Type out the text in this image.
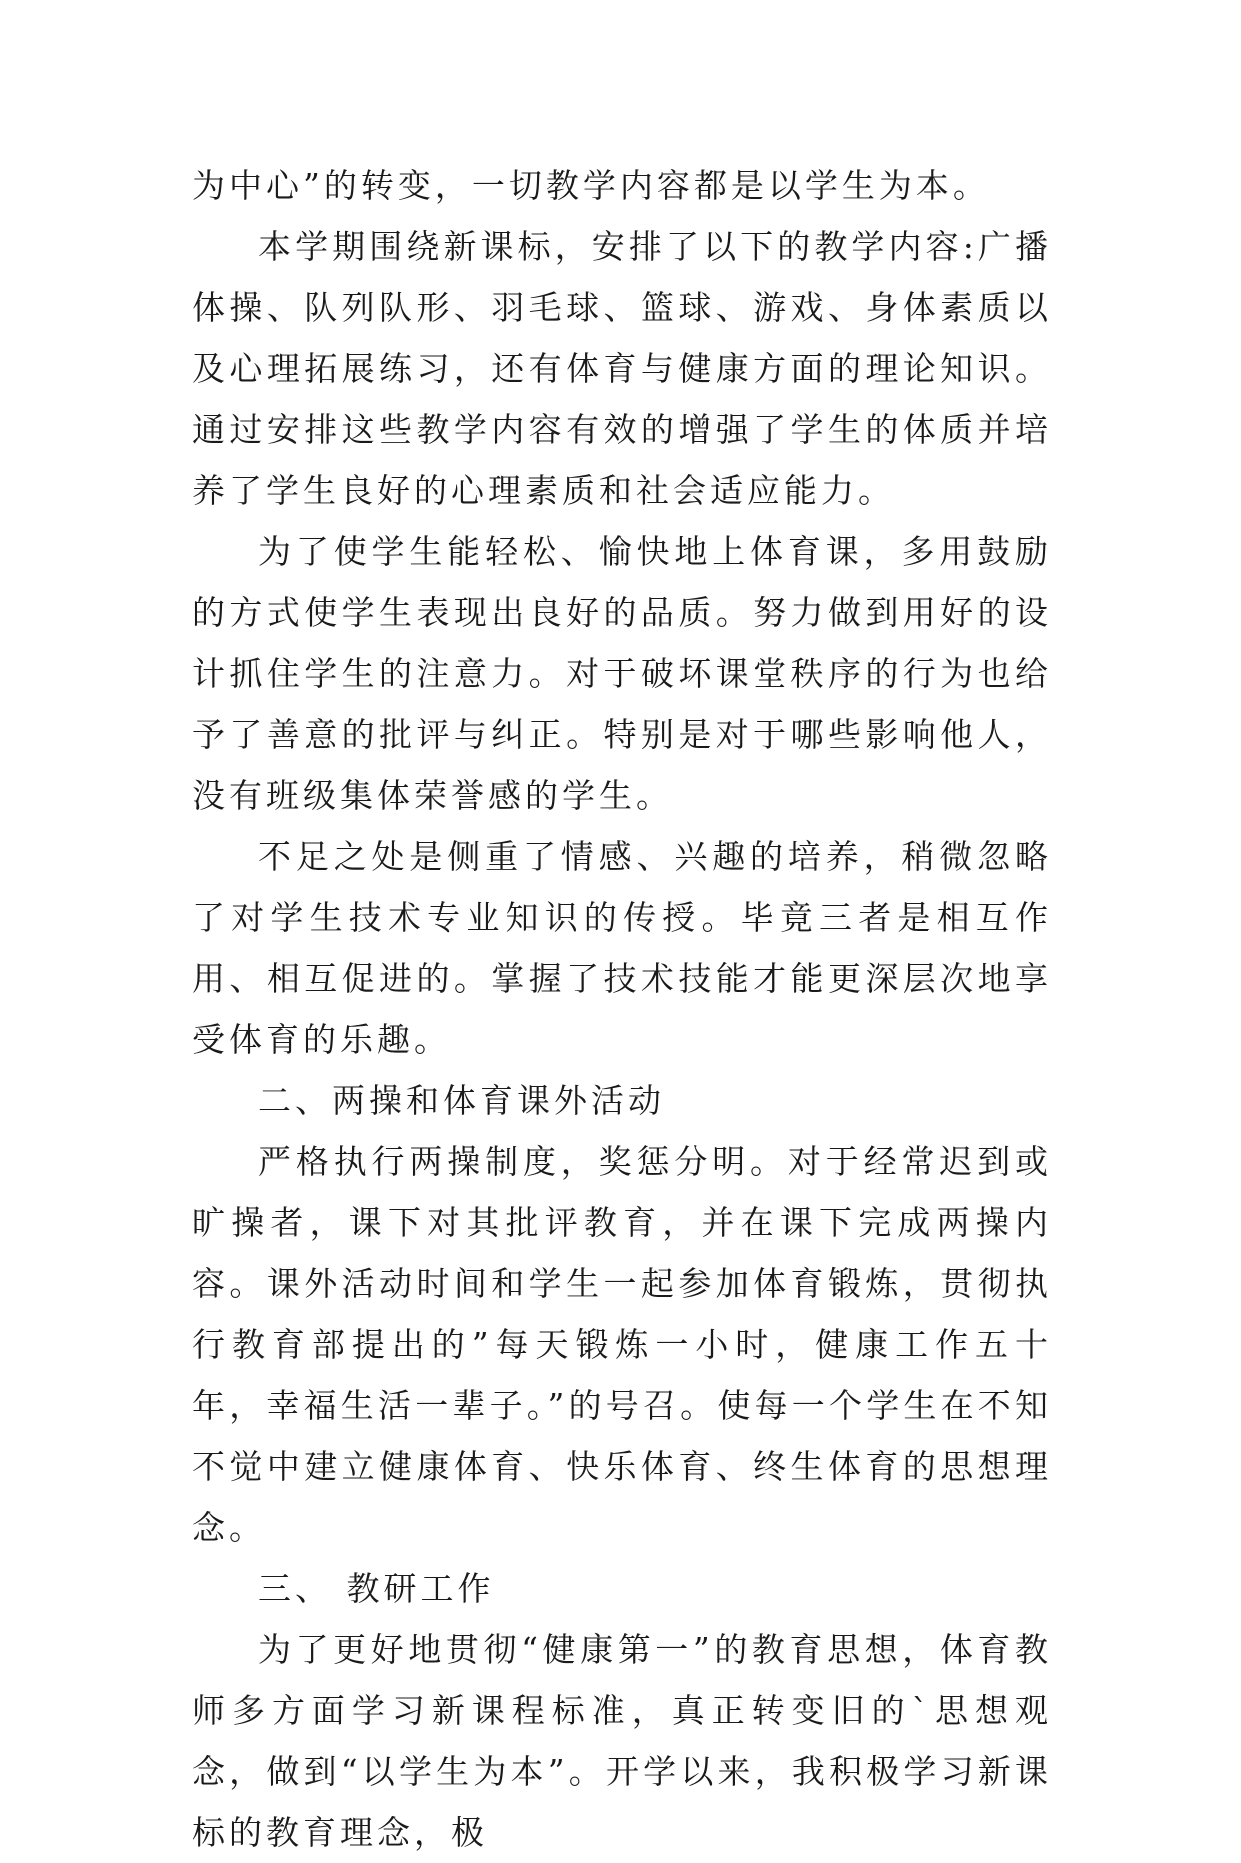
为中心”的转变，一切教学内容都是以学生为本。

本学期围绕新课标，安排了以下的教学内容:广播体操、队列队形、羽毛球、篮球、游戏、身体素质以及心理拓展练习，还有体育与健康方面的理论知识。通过安排这些教学内容有效的增强了学生的体质并培养了学生良好的心理素质和社会适应能力。

为了使学生能轻松、愉快地上体育课，多用鼓励的方式使学生表现出良好的品质。努力做到用好的设计抓住学生的注意力。对于破坏课堂秩序的行为也给予了善意的批评与纠正。特别是对于哪些影响他人，没有班级集体荣誉感的学生。

不足之处是侧重了情感、兴趣的培养，稍微忽略了对学生技术专业知识的传授。毕竟三者是相互作用、相互促进的。掌握了技术技能才能更深层次地享受体育的乐趣。

二、两操和体育课外活动

严格执行两操制度，奖惩分明。对于经常迟到或旷操者，课下对其批评教育，并在课下完成两操内容。课外活动时间和学生一起参加体育锻炼，贯彻执行教育部提出的”每天锻炼一小时，健康工作五十年，幸福生活一辈子。”的号召。使每一个学生在不知不觉中建立健康体育、快乐体育、终生体育的思想理念。

三、 教研工作

为了更好地贯彻“健康第一”的教育思想，体育教师多方面学习新课程标准，真正转变旧的`思想观念，做到“以学生为本”。开学以来，我积极学习新课标的教育理念，极
